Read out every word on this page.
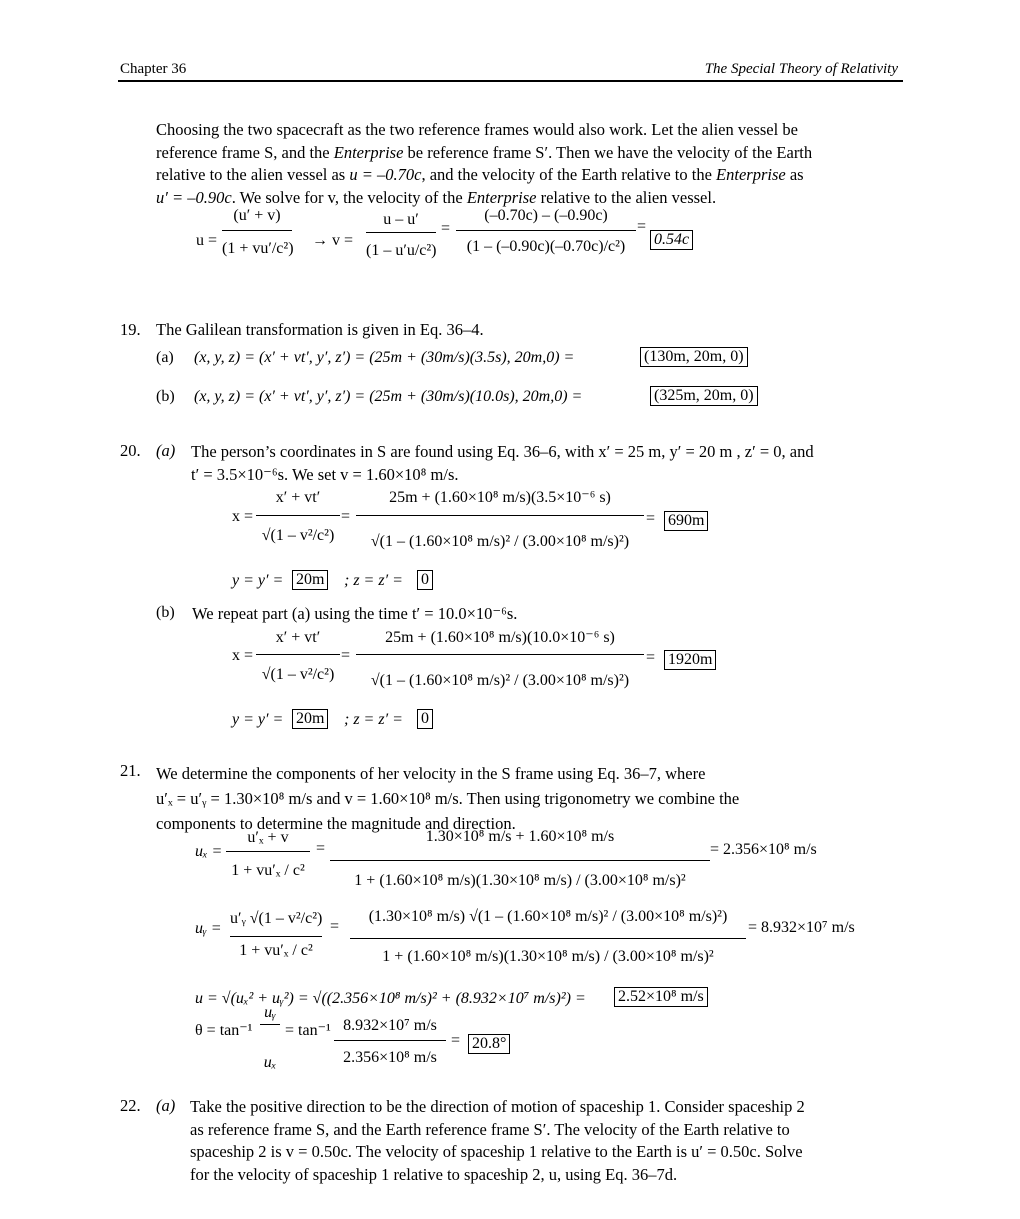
Chapter 36	The Special Theory of Relativity
Choosing the two spacecraft as the two reference frames would also work. Let the alien vessel be
reference frame S, and the Enterprise be reference frame S′. Then we have the velocity of the Earth
relative to the alien vessel as u = –0.70c, and the velocity of the Earth relative to the Enterprise as
u′ = –0.90c. We solve for v, the velocity of the Enterprise relative to the alien vessel.
u =
(u′ + v)
(1 + vu′/c²) → v =
u – u′
(1 – u′u/c²)
=
(–0.70c) – (–0.90c)
(1 – (–0.90c)(–0.70c)/c²)
=
0.54c
19. The Galilean transformation is given in Eq. 36–4.
(a) (x, y, z) = (x′ + vt′, y′, z′) = (25m + (30m/s)(3.5s), 20m,0) =	(130m, 20m, 0)
(b) (x, y, z) = (x′ + vt′, y′, z′) = (25m + (30m/s)(10.0s), 20m,0) =	(325m, 20m, 0)
20. (a) The person’s coordinates in S are found using Eq. 36–6, with x′ = 25 m, y′ = 20 m , z′ = 0, and
t′ = 3.5×10⁻⁶s. We set v = 1.60×10⁸ m/s.
x =
x′ + vt′
√(1 – v²/c²)
=
25m + (1.60×10⁸ m/s)(3.5×10⁻⁶ s)
√(1 – (1.60×10⁸ m/s)² / (3.00×10⁸ m/s)²)
= 690m
y = y′ = 20m ; z = z′ = 0
(b) We repeat part (a) using the time t′ = 10.0×10⁻⁶s.
x =
x′ + vt′
√(1 – v²/c²)
=
25m + (1.60×10⁸ m/s)(10.0×10⁻⁶ s)
√(1 – (1.60×10⁸ m/s)² / (3.00×10⁸ m/s)²)
= 1920m
y = y′ = 20m ; z = z′ = 0
21. We determine the components of her velocity in the S frame using Eq. 36–7, where
u′ₓ = u′ᵧ = 1.30×10⁸ m/s and v = 1.60×10⁸ m/s. Then using trigonometry we combine the
components to determine the magnitude and direction.
uₓ =
u′ₓ + v
1 + vu′ₓ / c²
=
1.30×10⁸ m/s + 1.60×10⁸ m/s
1 + (1.60×10⁸ m/s)(1.30×10⁸ m/s) / (3.00×10⁸ m/s)²
= 2.356×10⁸ m/s
uᵧ =
u′ᵧ √(1 – v²/c²)
1 + vu′ₓ / c²
=
(1.30×10⁸ m/s) √(1 – (1.60×10⁸ m/s)² / (3.00×10⁸ m/s)²)
1 + (1.60×10⁸ m/s)(1.30×10⁸ m/s) / (3.00×10⁸ m/s)²
= 8.932×10⁷ m/s
u = √(uₓ² + uᵧ²) = √((2.356×10⁸ m/s)² + (8.932×10⁷ m/s)²) = 2.52×10⁸ m/s
θ = tan⁻¹
uᵧ
uₓ
= tan⁻¹ 8.932×10⁷ m/s
2.356×10⁸ m/s
= 20.8°
22. (a) Take the positive direction to be the direction of motion of spaceship 1. Consider spaceship 2
as reference frame S, and the Earth reference frame S′. The velocity of the Earth relative to
spaceship 2 is v = 0.50c. The velocity of spaceship 1 relative to the Earth is u′ = 0.50c. Solve
for the velocity of spaceship 1 relative to spaceship 2, u, using Eq. 36–7d.
